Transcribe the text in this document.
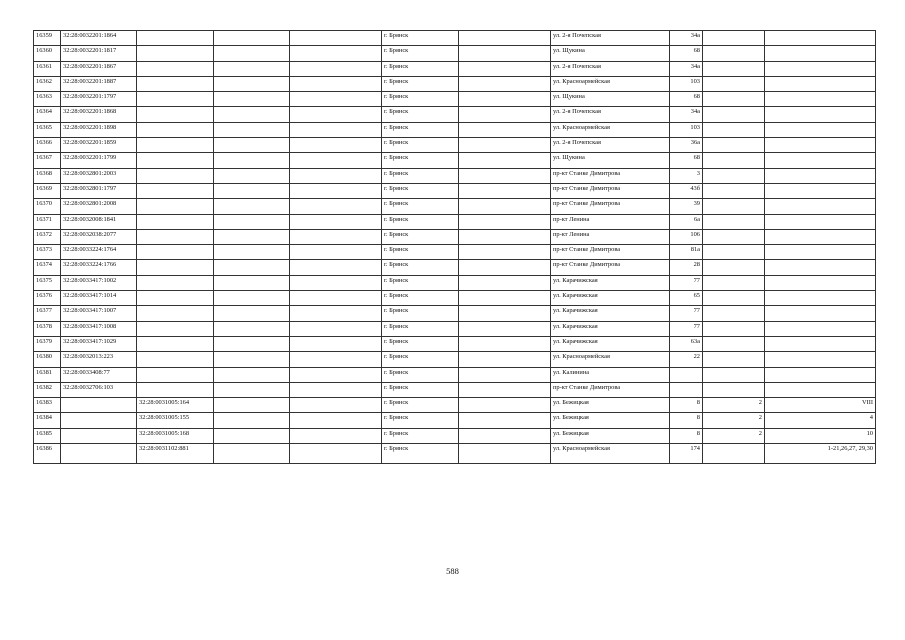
16359	32:28:0032201:1864				г. Брянск		ул. 2-я Почепская	34а		
16360	32:28:0032201:1817				г. Брянск		ул. Щукина	68		
16361	32:28:0032201:1867				г. Брянск		ул. 2-я Почепская	34а		
16362	32:28:0032201:1887				г. Брянск		ул. Красноармейская	103		
16363	32:28:0032201:1797				г. Брянск		ул. Щукина	68		
16364	32:28:0032201:1868				г. Брянск		ул. 2-я Почепская	34а		
16365	32:28:0032201:1898				г. Брянск		ул. Красноармейская	103		
16366	32:28:0032201:1859				г. Брянск		ул. 2-я Почепская	36а		
16367	32:28:0032201:1799				г. Брянск		ул. Щукина	68		
16368	32:28:0032801:2003				г. Брянск		пр-кт Станке Димитрова	3		
16369	32:28:0032801:1797				г. Брянск		пр-кт Станке Димитрова	43б		
16370	32:28:0032801:2008				г. Брянск		пр-кт Станке Димитрова	39		
16371	32:28:0032008:1841				г. Брянск		пр-кт Ленина	6а		
16372	32:28:0032038:2077				г. Брянск		пр-кт Ленина	106		
16373	32:28:0033224:1764				г. Брянск		пр-кт Станке Димитрова	81а		
16374	32:28:0033224:1766				г. Брянск		пр-кт Станке Димитрова	28		
16375	32:28:0033417:1002				г. Брянск		ул. Карачижская	77		
16376	32:28:0033417:1014				г. Брянск		ул. Карачижская	65		
16377	32:28:0033417:1007				г. Брянск		ул. Карачижская	77		
16378	32:28:0033417:1008				г. Брянск		ул. Карачижская	77		
16379	32:28:0033417:1029				г. Брянск		ул. Карачижская	63а		
16380	32:28:0032013:223				г. Брянск		ул. Красноармейская	22		
16381	32:28:0033408:77				г. Брянск		ул. Калинина			
16382	32:28:0032706:103				г. Брянск		пр-кт Станке Димитрова			
16383		32:28:0031005:164			г. Брянск		ул. Бежицкая	8	2	VIII
16384		32:28:0031005:155			г. Брянск		ул. Бежицкая	8	2	4
16385		32:28:0031005:168			г. Брянск		ул. Бежицкая	8	2	10
16386		32:28:0031102:881			г. Брянск		ул. Красноармейская	174		1-21,26,27, 29,30
588
